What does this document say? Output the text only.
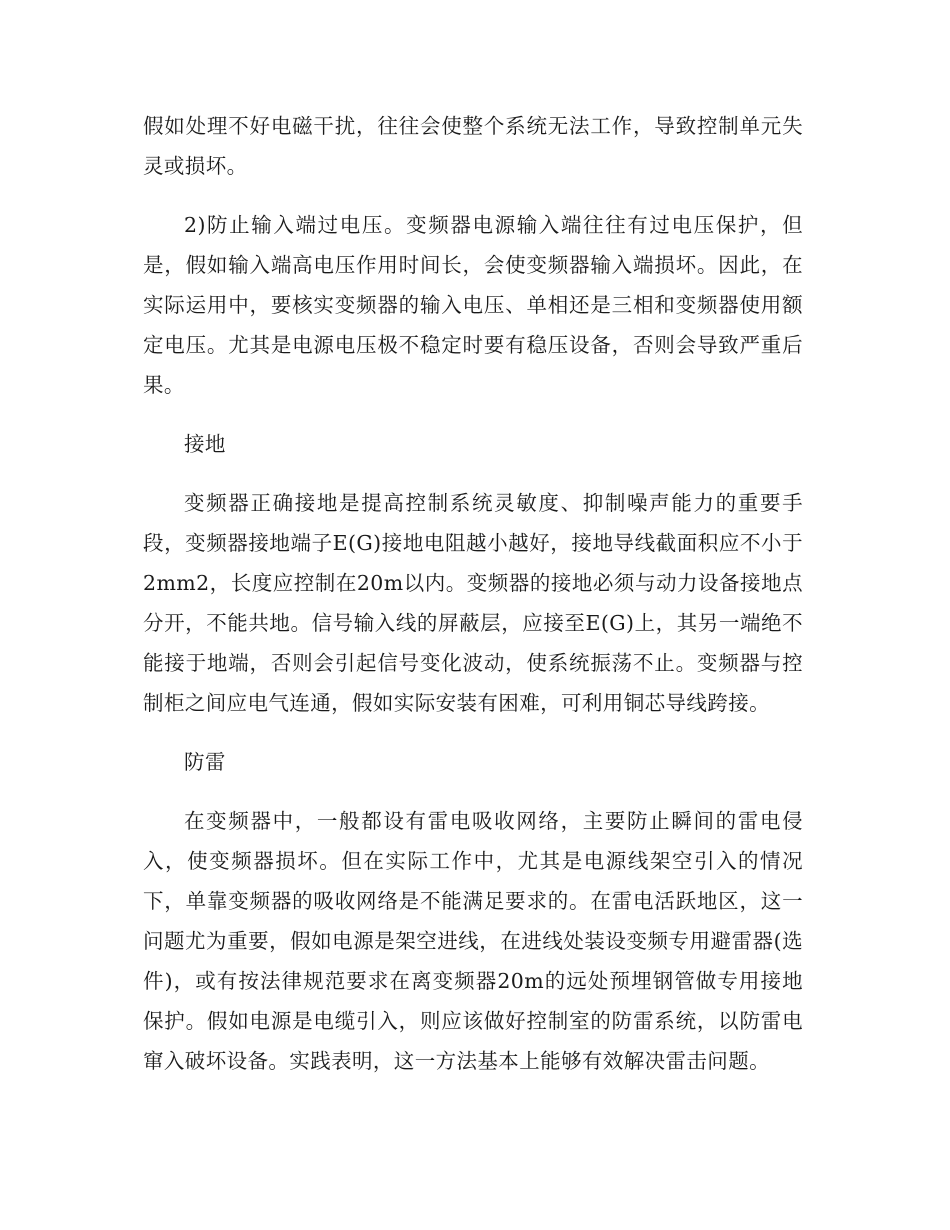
假如处理不好电磁干扰，往往会使整个系统无法工作，导致控制单元失灵或损坏。

2)防止输入端过电压。变频器电源输入端往往有过电压保护，但是，假如输入端高电压作用时间长，会使变频器输入端损坏。因此，在实际运用中，要核实变频器的输入电压、单相还是三相和变频器使用额定电压。尤其是电源电压极不稳定时要有稳压设备，否则会导致严重后果。

接地

变频器正确接地是提高控制系统灵敏度、抑制噪声能力的重要手段，变频器接地端子E(G)接地电阻越小越好，接地导线截面积应不小于2mm2，长度应控制在20m以内。变频器的接地必须与动力设备接地点分开，不能共地。信号输入线的屏蔽层，应接至E(G)上，其另一端绝不能接于地端，否则会引起信号变化波动，使系统振荡不止。变频器与控制柜之间应电气连通，假如实际安装有困难，可利用铜芯导线跨接。

防雷

在变频器中，一般都设有雷电吸收网络，主要防止瞬间的雷电侵入，使变频器损坏。但在实际工作中，尤其是电源线架空引入的情况下，单靠变频器的吸收网络是不能满足要求的。在雷电活跃地区，这一问题尤为重要，假如电源是架空进线，在进线处装设变频专用避雷器(选件)，或有按法律规范要求在离变频器20m的远处预埋钢管做专用接地保护。假如电源是电缆引入，则应该做好控制室的防雷系统，以防雷电窜入破坏设备。实践表明，这一方法基本上能够有效解决雷击问题。
